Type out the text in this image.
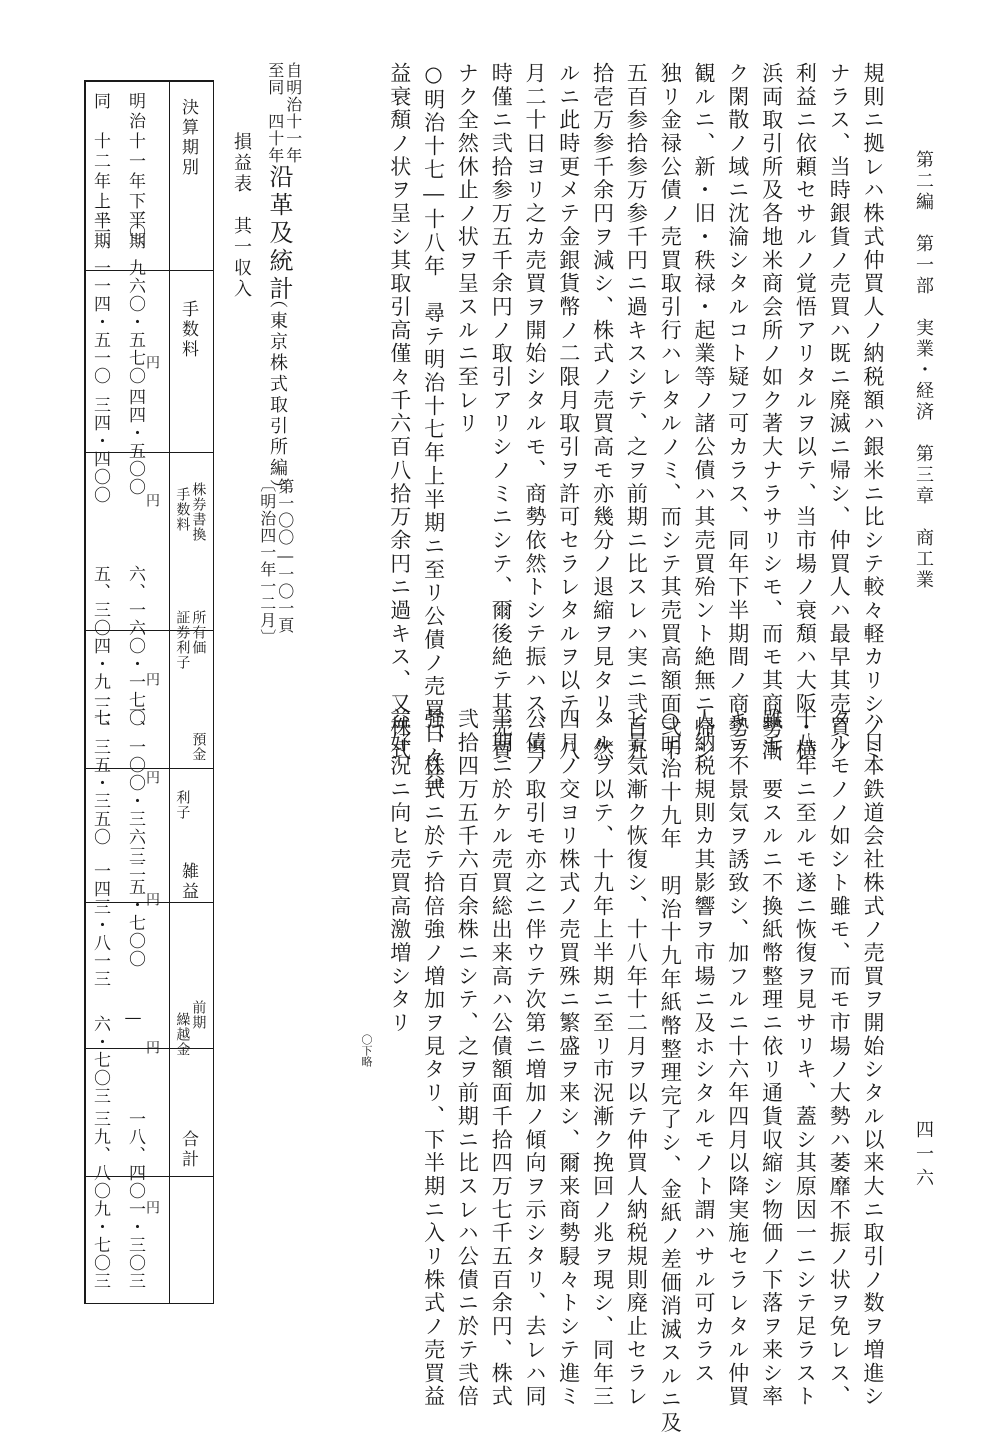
第二編　第一部　実業・経済　第三章　商工業
四一六
規則ニ拠レハ株式仲買人ノ納税額ハ銀米ニ比シテ較々軽カリシノミ
ナラス、当時銀貨ノ売買ハ既ニ廃滅ニ帰シ、仲買人ハ最早其売買ノ
利益ニ依頼セサルノ覚悟アリタルヲ以テ、当市場ノ衰頽ハ大阪・横
浜両取引所及各地米商会所ノ如ク著大ナラサリシモ、而モ其商勢漸
ク閑散ノ域ニ沈淪シタルコト疑フ可カラス、同年下半期間ノ商勢ヲ
観ルニ、新・旧・秩禄・起業等ノ諸公債ハ其売買殆ント絶無ニ帰シ
独リ金禄公債ノ売買取引行ハレタルノミ、而シテ其売買高額面弐千
五百参拾参万参千円ニ過キスシテ、之ヲ前期ニ比スレハ実ニ弐百九
拾壱万参千余円ヲ減シ、株式ノ売買高モ亦幾分ノ退縮ヲ見タリ、然
ルニ此時更メテ金銀貨幣ノ二限月取引ヲ許可セラレタルヲ以テ、八
月二十日ヨリ之カ売買ヲ開始シタルモ、商勢依然トシテ振ハス、当
時僅ニ弐拾参万五千余円ノ取引アリシノミニシテ、爾後絶テ其売買
ナク全然休止ノ状ヲ呈スルニ至レリ
○明治十七―十八年　尋テ明治十七年上半期ニ至リ公債ノ売買日々益
益衰頽ノ状ヲ呈シ其取引高僅々千六百八拾万余円ニ過キス、又株式
ハ日本鉄道会社株式ノ売買ヲ開始シタル以来大ニ取引ノ数ヲ増進シ
タルモノノ如シト雖モ、而モ市場ノ大勢ハ萎靡不振ノ状ヲ免レス、
十八年ニ至ルモ遂ニ恢復ヲ見サリキ、蓋シ其原因一ニシテ足ラスト
雖モ、要スルニ不換紙幣整理ニ依リ通貨収縮シ物価ノ下落ヲ来シ率
キテ不景気ヲ誘致シ、加フルニ十六年四月以降実施セラレタル仲買
人納税規則カ其影響ヲ市場ニ及ホシタルモノト謂ハサル可カラス
○明治十九年　明治十九年紙幣整理完了シ、金紙ノ差価消滅スルニ及
ヒ景気漸ク恢復シ、十八年十二月ヲ以テ仲買人納税規則廃止セラレ
タルヲ以テ、十九年上半期ニ至リ市況漸ク挽回ノ兆ヲ現シ、同年三
四月ノ交ヨリ株式ノ売買殊ニ繁盛ヲ来シ、爾来商勢駸々トシテ進ミ
公債ノ取引モ亦之ニ伴ウテ次第ニ増加ノ傾向ヲ示シタリ、去レハ同
半期ニ於ケル売買総出来高ハ公債額面千拾四万七千五百余円、株式
弐拾四万五千六百余株ニシテ、之ヲ前期ニ比スレハ公債ニ於テ弐倍
強、株式ニ於テ拾倍強ノ増加ヲ見タリ、下半期ニ入リ株式ノ売買益
益好況ニ向ヒ売買高激増シタリ
〇下略
自明治十一年
至同　四十年
沿革及統計
（東京株式取引所編）
第一〇〇―一〇一頁
〔明治四一年一二月〕
損益表　其一収入
決算期別
手数料
株券書換
手数料
所有価
証券利子
預金
利子
雑益
前期
繰越金
合計
明治十一年下半期
同　十二年上半期
一〇、九六〇・五七〇
四四・五〇〇
六、一六〇・一七〇
一、一〇〇・三六三
二五・七〇〇
—
一八、四〇一・三〇三
三一、一一四・五一〇
三四・四〇〇
五、三〇四・九一七
二、三五・三五〇
一四三・八一三
六・七〇三
三九、八〇九・七〇三
円
円
円
円
円
円
円
